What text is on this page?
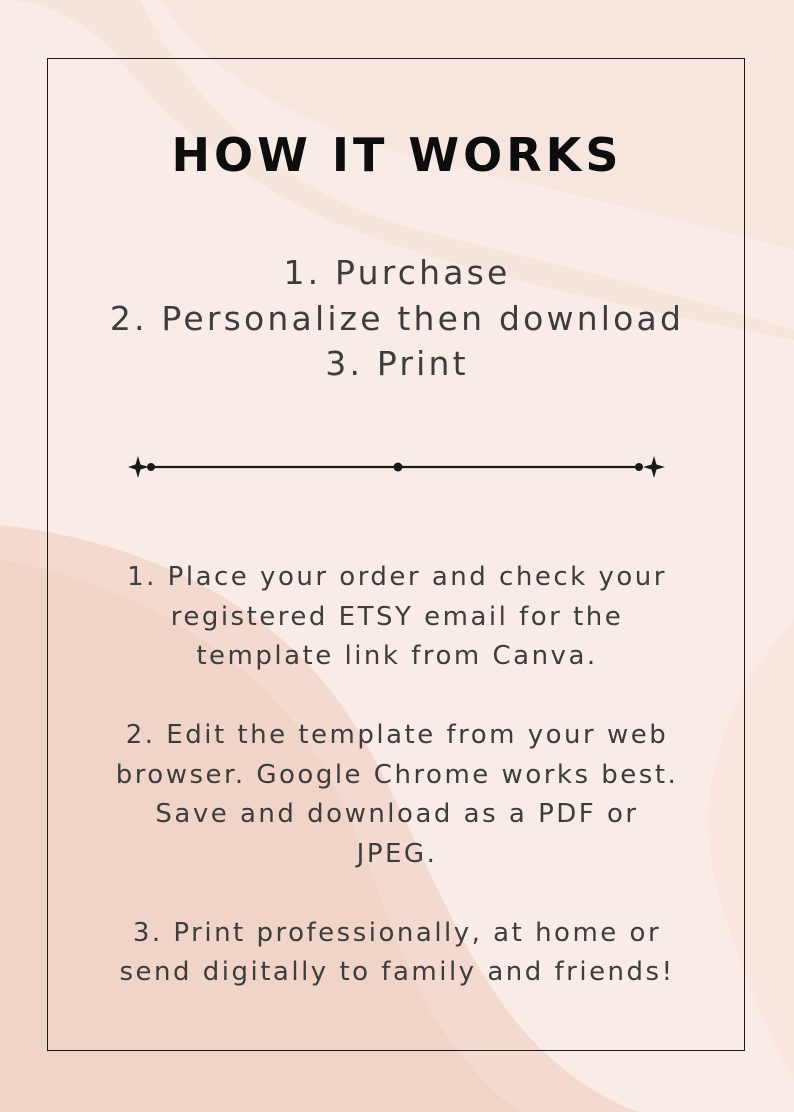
HOW IT WORKS
1. Purchase
2. Personalize then download
3. Print
1. Place your order and check your
registered ETSY email for the
template link from Canva.
2. Edit the template from your web
browser. Google Chrome works best.
Save and download as a PDF or
JPEG.
3. Print professionally, at home or
send digitally to family and friends!
